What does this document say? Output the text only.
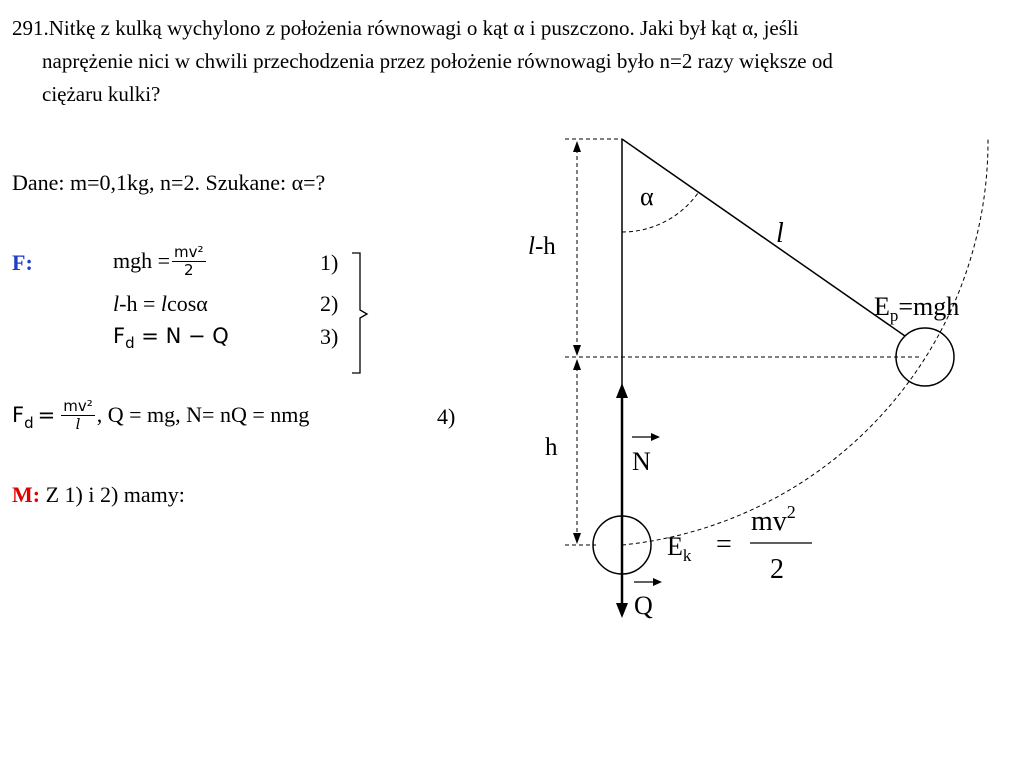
291.Nitkę z kulką wychylono z położenia równowagi o kąt α i puszczono. Jaki był kąt α, jeśli
naprężenie nici w chwili przechodzenia przez położenie równowagi było n=2 razy większe od
ciężaru kulki?
Dane: m=0,1kg, n=2. Szukane: α=?
F:	mgh = $\frac{\text{mv²}}{2}$	1)
l-h = lcosα	2)
$F_d = N - Q$	3)
F $d = \frac{\text{mv²}}{l}$ , Q = mg, N= nQ = nmg	4)
M: Z 1) i 2) mamy:
α
l
l-h
h
$E_p=mgh$
N
Q
$E_k$ =
$mv^2$
2
